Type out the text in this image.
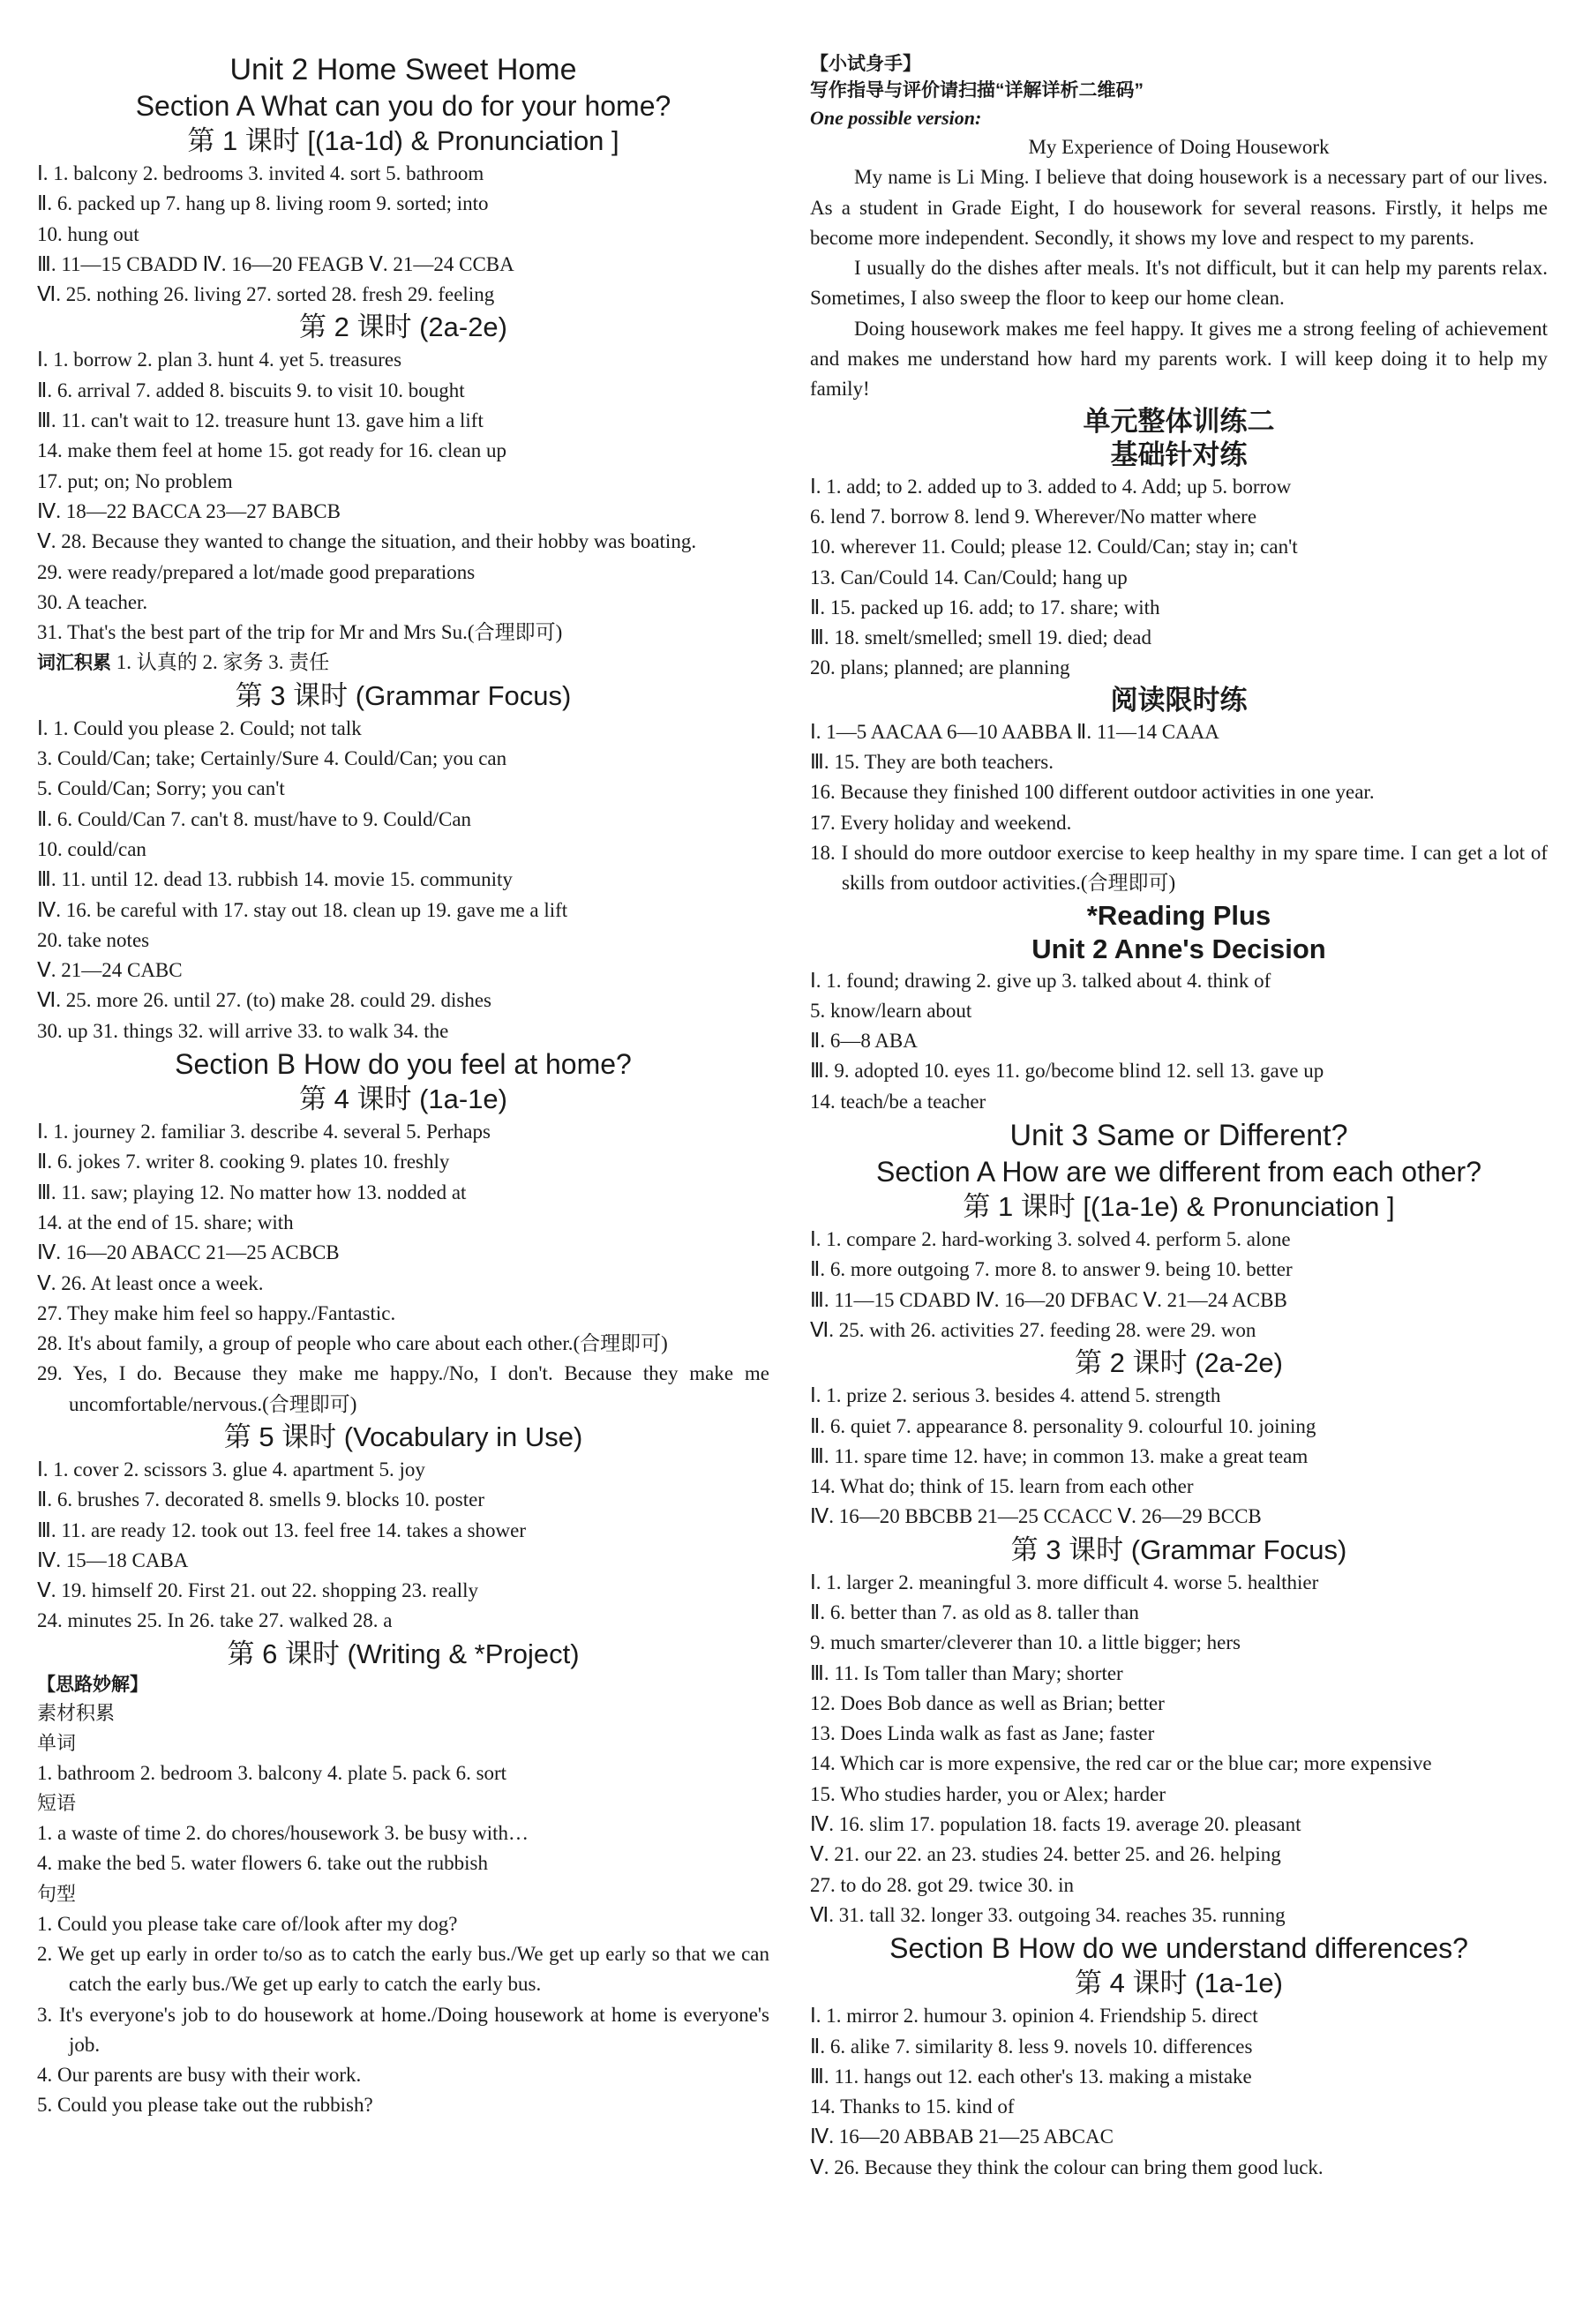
Unit 2 Home Sweet Home
Section A What can you do for your home?
第 1 课时 [(1a-1d) & Pronunciation ]
Ⅰ. 1. balcony 2. bedrooms 3. invited 4. sort 5. bathroom
Ⅱ. 6. packed up 7. hang up 8. living room 9. sorted; into
10. hung out
Ⅲ. 11—15 CBADD Ⅳ. 16—20 FEAGB Ⅴ. 21—24 CCBA
Ⅵ. 25. nothing 26. living 27. sorted 28. fresh 29. feeling
第 2 课时 (2a-2e)
Ⅰ. 1. borrow 2. plan 3. hunt 4. yet 5. treasures
Ⅱ. 6. arrival 7. added 8. biscuits 9. to visit 10. bought
Ⅲ. 11. can't wait to 12. treasure hunt 13. gave him a lift
14. make them feel at home 15. got ready for 16. clean up
17. put; on; No problem
Ⅳ. 18—22 BACCA 23—27 BABCB
Ⅴ. 28. Because they wanted to change the situation, and their hobby was boating.
29. were ready/prepared a lot/made good preparations
30. A teacher.
31. That's the best part of the trip for Mr and Mrs Su.(合理即可)
词汇积累 1. 认真的 2. 家务 3. 责任
第 3 课时 (Grammar Focus)
Ⅰ. 1. Could you please 2. Could; not talk
3. Could/Can; take; Certainly/Sure 4. Could/Can; you can
5. Could/Can; Sorry; you can't
Ⅱ. 6. Could/Can 7. can't 8. must/have to 9. Could/Can
10. could/can
Ⅲ. 11. until 12. dead 13. rubbish 14. movie 15. community
Ⅳ. 16. be careful with 17. stay out 18. clean up 19. gave me a lift
20. take notes
Ⅴ. 21—24 CABC
Ⅵ. 25. more 26. until 27. (to) make 28. could 29. dishes
30. up 31. things 32. will arrive 33. to walk 34. the
Section B How do you feel at home?
第 4 课时 (1a-1e)
Ⅰ. 1. journey 2. familiar 3. describe 4. several 5. Perhaps
Ⅱ. 6. jokes 7. writer 8. cooking 9. plates 10. freshly
Ⅲ. 11. saw; playing 12. No matter how 13. nodded at
14. at the end of 15. share; with
Ⅳ. 16—20 ABACC 21—25 ACBCB
Ⅴ. 26. At least once a week.
27. They make him feel so happy./Fantastic.
28. It's about family, a group of people who care about each other.(合理即可)
29. Yes, I do. Because they make me happy./No, I don't. Because they make me uncomfortable/nervous.(合理即可)
第 5 课时 (Vocabulary in Use)
Ⅰ. 1. cover 2. scissors 3. glue 4. apartment 5. joy
Ⅱ. 6. brushes 7. decorated 8. smells 9. blocks 10. poster
Ⅲ. 11. are ready 12. took out 13. feel free 14. takes a shower
Ⅳ. 15—18 CABA
Ⅴ. 19. himself 20. First 21. out 22. shopping 23. really
24. minutes 25. In 26. take 27. walked 28. a
第 6 课时 (Writing & *Project)
【思路妙解】
素材积累
单词
1. bathroom 2. bedroom 3. balcony 4. plate 5. pack 6. sort
短语
1. a waste of time 2. do chores/housework 3. be busy with…
4. make the bed 5. water flowers 6. take out the rubbish
句型
1. Could you please take care of/look after my dog?
2. We get up early in order to/so as to catch the early bus./We get up early so that we can catch the early bus./We get up early to catch the early bus.
3. It's everyone's job to do housework at home./Doing housework at home is everyone's job.
4. Our parents are busy with their work.
5. Could you please take out the rubbish?
【小试身手】
写作指导与评价请扫描“详解详析二维码”
One possible version:
My Experience of Doing Housework
My name is Li Ming. I believe that doing housework is a necessary part of our lives. As a student in Grade Eight, I do housework for several reasons. Firstly, it helps me become more independent. Secondly, it shows my love and respect to my parents.
I usually do the dishes after meals. It's not difficult, but it can help my parents relax. Sometimes, I also sweep the floor to keep our home clean.
Doing housework makes me feel happy. It gives me a strong feeling of achievement and makes me understand how hard my parents work. I will keep doing it to help my family!
单元整体训练二
基础针对练
Ⅰ. 1. add; to 2. added up to 3. added to 4. Add; up 5. borrow
6. lend 7. borrow 8. lend 9. Wherever/No matter where
10. wherever 11. Could; please 12. Could/Can; stay in; can't
13. Can/Could 14. Can/Could; hang up
Ⅱ. 15. packed up 16. add; to 17. share; with
Ⅲ. 18. smelt/smelled; smell 19. died; dead
20. plans; planned; are planning
阅读限时练
Ⅰ. 1—5 AACAA 6—10 AABBA Ⅱ. 11—14 CAAA
Ⅲ. 15. They are both teachers.
16. Because they finished 100 different outdoor activities in one year.
17. Every holiday and weekend.
18. I should do more outdoor exercise to keep healthy in my spare time. I can get a lot of skills from outdoor activities.(合理即可)
*Reading Plus
Unit 2 Anne's Decision
Ⅰ. 1. found; drawing 2. give up 3. talked about 4. think of
5. know/learn about
Ⅱ. 6—8 ABA
Ⅲ. 9. adopted 10. eyes 11. go/become blind 12. sell 13. gave up
14. teach/be a teacher
Unit 3 Same or Different?
Section A How are we different from each other?
第 1 课时 [(1a-1e) & Pronunciation ]
Ⅰ. 1. compare 2. hard-working 3. solved 4. perform 5. alone
Ⅱ. 6. more outgoing 7. more 8. to answer 9. being 10. better
Ⅲ. 11—15 CDABD Ⅳ. 16—20 DFBAC Ⅴ. 21—24 ACBB
Ⅵ. 25. with 26. activities 27. feeding 28. were 29. won
第 2 课时 (2a-2e)
Ⅰ. 1. prize 2. serious 3. besides 4. attend 5. strength
Ⅱ. 6. quiet 7. appearance 8. personality 9. colourful 10. joining
Ⅲ. 11. spare time 12. have; in common 13. make a great team
14. What do; think of 15. learn from each other
Ⅳ. 16—20 BBCBB 21—25 CCACC Ⅴ. 26—29 BCCB
第 3 课时 (Grammar Focus)
Ⅰ. 1. larger 2. meaningful 3. more difficult 4. worse 5. healthier
Ⅱ. 6. better than 7. as old as 8. taller than
9. much smarter/cleverer than 10. a little bigger; hers
Ⅲ. 11. Is Tom taller than Mary; shorter
12. Does Bob dance as well as Brian; better
13. Does Linda walk as fast as Jane; faster
14. Which car is more expensive, the red car or the blue car; more expensive
15. Who studies harder, you or Alex; harder
Ⅳ. 16. slim 17. population 18. facts 19. average 20. pleasant
Ⅴ. 21. our 22. an 23. studies 24. better 25. and 26. helping
27. to do 28. got 29. twice 30. in
Ⅵ. 31. tall 32. longer 33. outgoing 34. reaches 35. running
Section B How do we understand differences?
第 4 课时 (1a-1e)
Ⅰ. 1. mirror 2. humour 3. opinion 4. Friendship 5. direct
Ⅱ. 6. alike 7. similarity 8. less 9. novels 10. differences
Ⅲ. 11. hangs out 12. each other's 13. making a mistake
14. Thanks to 15. kind of
Ⅳ. 16—20 ABBAB 21—25 ABCAC
Ⅴ. 26. Because they think the colour can bring them good luck.
